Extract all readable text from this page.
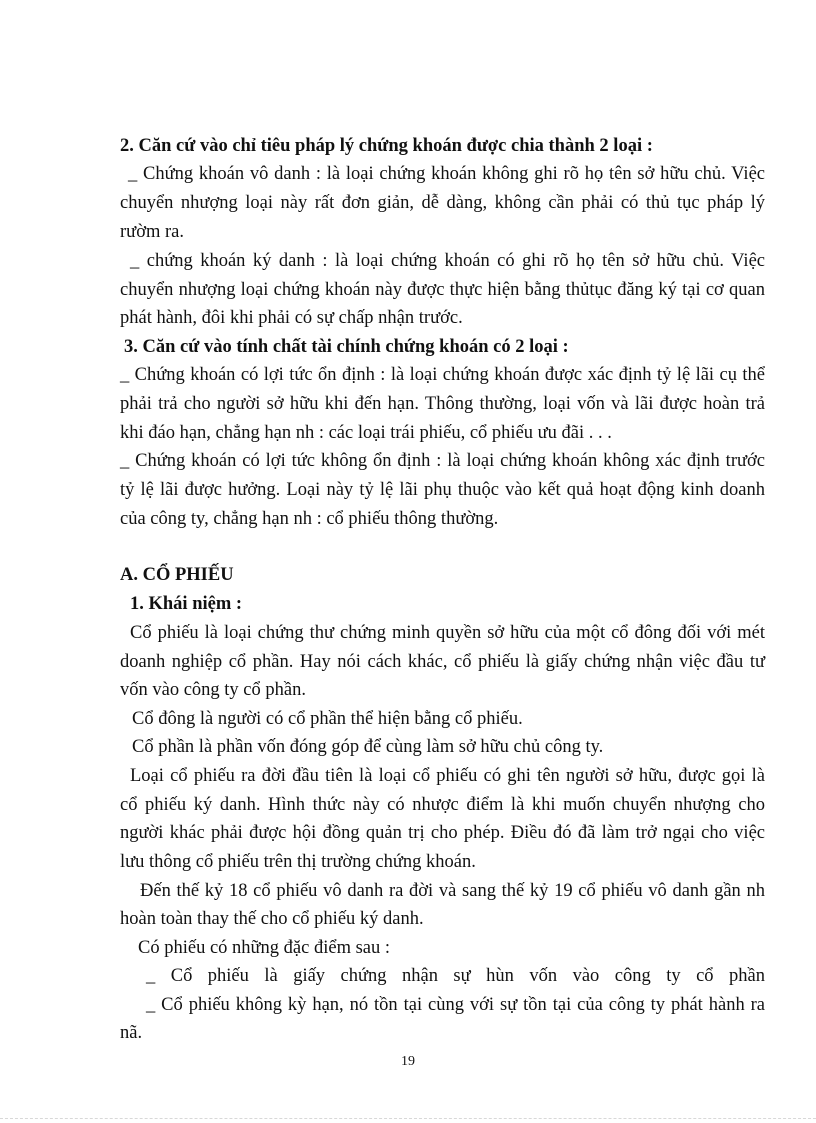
2. Căn cứ vào chỉ tiêu pháp lý chứng khoán được chia thành 2 loại :
_ Chứng khoán vô danh : là loại chứng khoán không ghi rõ họ tên sở hữu chủ. Việc
chuyển nhượng loại này rất đơn giản, dễ dàng, không cần phải có thủ tục pháp lý
rườm ra.
_ chứng khoán ký danh : là loại chứng khoán có ghi rõ họ tên sở hữu chủ. Việc
chuyển nhượng loại chứng khoán này được thực hiện bằng thủtục đăng ký tại cơ quan
phát hành, đôi khi phải có sự chấp nhận trước.
3. Căn cứ vào tính chất tài chính chứng khoán có 2 loại :
_ Chứng khoán có lợi tức ổn định : là loại chứng khoán được xác định tỷ lệ lãi cụ thể
phải trả cho người sở hữu khi đến hạn. Thông thường, loại vốn và lãi được hoàn trả
khi đáo hạn, chẳng hạn nh : các loại trái phiếu, cổ phiếu ưu đãi . . .
_ Chứng khoán có lợi tức không ổn định : là loại chứng khoán không xác định trước
tỷ lệ lãi được hưởng. Loại này tỷ lệ lãi phụ thuộc vào kết quả hoạt động kinh doanh
của công ty, chẳng hạn nh : cổ phiếu thông thường.
A. CỔ PHIẾU
1. Khái niệm :
Cổ phiếu là loại chứng thư chứng minh quyền sở hữu của một cổ đông đối với mét
doanh nghiệp cổ phần. Hay nói cách khác, cổ phiếu là giấy chứng nhận việc đầu tư
vốn vào công ty cổ phần.
Cổ đông là người có cổ phần thể hiện bằng cổ phiếu.
Cổ phần là phần vốn đóng góp để cùng làm sở hữu chủ công ty.
Loại cổ phiếu ra đời đầu tiên là loại cổ phiếu có ghi tên người sở hữu, được gọi là
cổ phiếu ký danh. Hình thức này có nhược điểm là khi muốn chuyển nhượng cho
người khác phải được hội đồng quản trị cho phép. Điều đó đã làm trở ngại cho việc
lưu thông cổ phiếu trên thị trường chứng khoán.
Đến thế kỷ 18 cổ phiếu vô danh ra đời và sang thế kỷ 19 cổ phiếu vô danh gần nh
hoàn toàn thay thế cho cổ phiếu ký danh.
Có phiếu có những đặc điểm sau :
_ Cổ phiếu là giấy chứng nhận sự hùn vốn vào công ty cổ phần
_ Cổ phiếu không kỳ hạn, nó tồn tại cùng với sự tồn tại của công ty phát hành ra
nã.
19
